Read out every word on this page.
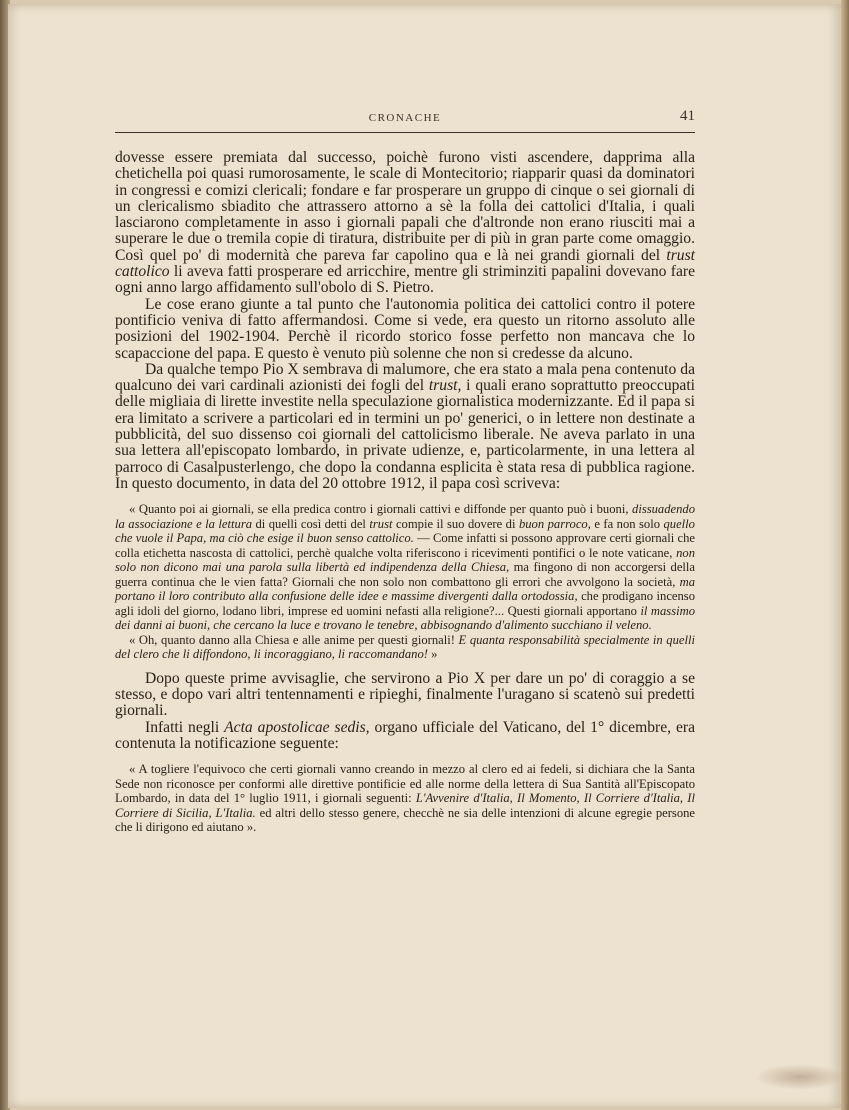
CRONACHE	41

dovesse essere premiata dal successo, poichè furono visti ascendere, dapprima alla chetichella poi quasi rumorosamente, le scale di Montecitorio; riapparir quasi da dominatori in congressi e comizi clericali; fondare e far prosperare un gruppo di cinque o sei giornali di un clericalismo sbiadito che attrassero attorno a sè la folla dei cattolici d'Italia, i quali lasciarono completamente in asso i giornali papali che d'altronde non erano riusciti mai a superare le due o tremila copie di tiratura, distribuite per di più in gran parte come omaggio. Così quel po' di modernità che pareva far capolino qua e là nei grandi giornali del trust cattolico li aveva fatti prosperare ed arricchire, mentre gli striminziti papalini dovevano fare ogni anno largo affidamento sull'obolo di S. Pietro.

Le cose erano giunte a tal punto che l'autonomia politica dei cattolici contro il potere pontificio veniva di fatto affermandosi. Come si vede, era questo un ritorno assoluto alle posizioni del 1902-1904. Perchè il ricordo storico fosse perfetto non mancava che lo scapaccione del papa. E questo è venuto più solenne che non si credesse da alcuno.

Da qualche tempo Pio X sembrava di malumore, che era stato a mala pena contenuto da qualcuno dei vari cardinali azionisti dei fogli del trust, i quali erano soprattutto preoccupati delle migliaia di lirette investite nella speculazione giornalistica modernizzante. Ed il papa si era limitato a scrivere a particolari ed in termini un po' generici, o in lettere non destinate a pubblicità, del suo dissenso coi giornali del cattolicismo liberale. Ne aveva parlato in una sua lettera all'episcopato lombardo, in private udienze, e, particolarmente, in una lettera al parroco di Casalpusterlengo, che dopo la condanna esplicita è stata resa di pubblica ragione. In questo documento, in data del 20 ottobre 1912, il papa così scriveva:

« Quanto poi ai giornali, se ella predica contro i giornali cattivi e diffonde per quanto può i buoni, dissuadendo la associazione e la lettura di quelli così detti del trust compie il suo dovere di buon parroco, e fa non solo quello che vuole il Papa, ma ciò che esige il buon senso cattolico. — Come infatti si possono approvare certi giornali che colla etichetta nascosta di cattolici, perchè qualche volta riferiscono i ricevimenti pontifici o le note vaticane, non solo non dicono mai una parola sulla libertà ed indipendenza della Chiesa, ma fingono di non accorgersi della guerra continua che le vien fatta? Giornali che non solo non combattono gli errori che avvolgono la società, ma portano il loro contributo alla confusione delle idee e massime divergenti dalla ortodossia, che prodigano incenso agli idoli del giorno, lodano libri, imprese ed uomini nefasti alla religione?... Questi giornali apportano il massimo dei danni ai buoni, che cercano la luce e trovano le tenebre, abbisognando d'alimento succhiano il veleno.

« Oh, quanto danno alla Chiesa e alle anime per questi giornali! E quanta responsabilità specialmente in quelli del clero che li diffondono, li incoraggiano, li raccomandano! »

Dopo queste prime avvisaglie, che servirono a Pio X per dare un po' di coraggio a se stesso, e dopo vari altri tentennamenti e ripieghi, finalmente l'uragano si scatenò sui predetti giornali.

Infatti negli Acta apostolicae sedis, organo ufficiale del Vaticano, del 1° dicembre, era contenuta la notificazione seguente:

« A togliere l'equivoco che certi giornali vanno creando in mezzo al clero ed ai fedeli, si dichiara che la Santa Sede non riconosce per conformi alle direttive pontificie ed alle norme della lettera di Sua Santità all'Episcopato Lombardo, in data del 1° luglio 1911, i giornali seguenti: L'Avvenire d'Italia, Il Momento, Il Corriere d'Italia, Il Corriere di Sicilia, L'Italia. ed altri dello stesso genere, checchè ne sia delle intenzioni di alcune egregie persone che li dirigono ed aiutano ».
